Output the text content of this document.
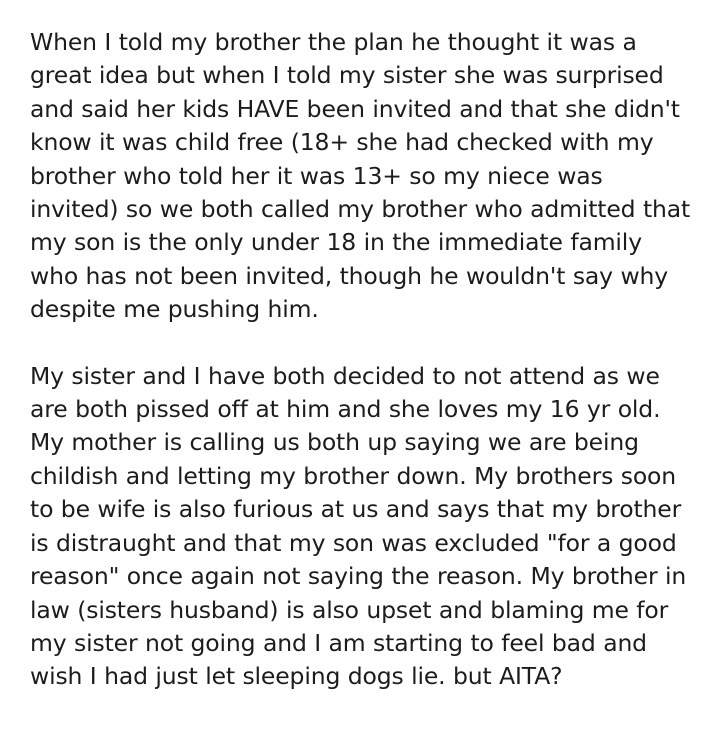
When I told my brother the plan he thought it was a great idea but when I told my sister she was surprised and said her kids HAVE been invited and that she didn't know it was child free (18+ she had checked with my brother who told her it was 13+ so my niece was invited) so we both called my brother who admitted that my son is the only under 18 in the immediate family who has not been invited, though he wouldn't say why despite me pushing him.

My sister and I have both decided to not attend as we are both pissed off at him and she loves my 16 yr old. My mother is calling us both up saying we are being childish and letting my brother down. My brothers soon to be wife is also furious at us and says that my brother is distraught and that my son was excluded "for a good reason" once again not saying the reason. My brother in law (sisters husband) is also upset and blaming me for my sister not going and I am starting to feel bad and wish I had just let sleeping dogs lie. but AITA?
